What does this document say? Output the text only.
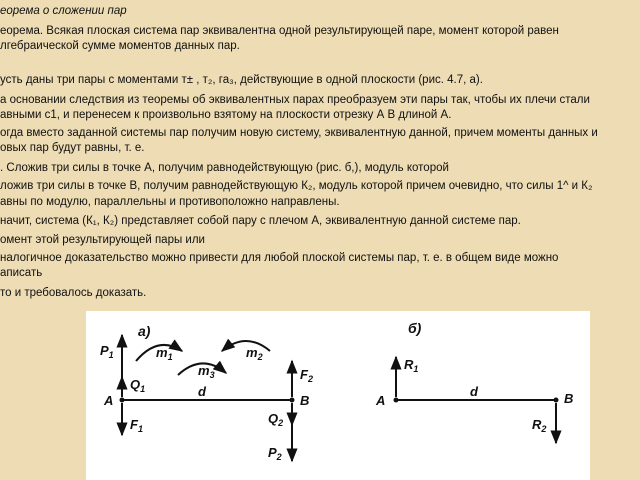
еорема о сложении пар
еорема. Всякая плоская система пар эквивалентна одной результирующей паре, момент которой равен
лгебраической сумме моментов данных пар.
усть даны три пары с моментами т± , т₂, га₃, действующие в одной плоскости (рис. 4.7, а).
а основании следствия из теоремы об эквивалентных парах преобразуем эти пары так, чтобы их плечи стали
авными с1, и перенесем к произвольно взятому на плоскости отрезку А В длиной А.
огда вместо заданной системы пар получим новую систему, эквивалентную данной, причем моменты данных и
овых пар будут равны, т. е.
. Сложив три силы в точке А, получим равнодействующую (рис. б,), модуль которой
ложив три силы в точке В, получим равнодействующую К₂, модуль которой причем очевидно, что силы 1^ и К₂
авны по модулю, параллельны и противоположно направлены.
начит, система (К₁, К₂) представляет собой пару с плечом А, эквивалентную данной системе пар.
омент этой результирующей пары или
налогичное доказательство можно привести для любой плоской системы пар, т. е. в общем виде можно
аписать
то и требовалось доказать.
а)
$P_1$
$Q_1$
A
$F_1$
d
$m_1$	$m_2$
$m_3$	$F_2$
B
$Q_2$
$P_2$
б)
$R_1$
A
d	B
$R_2$
